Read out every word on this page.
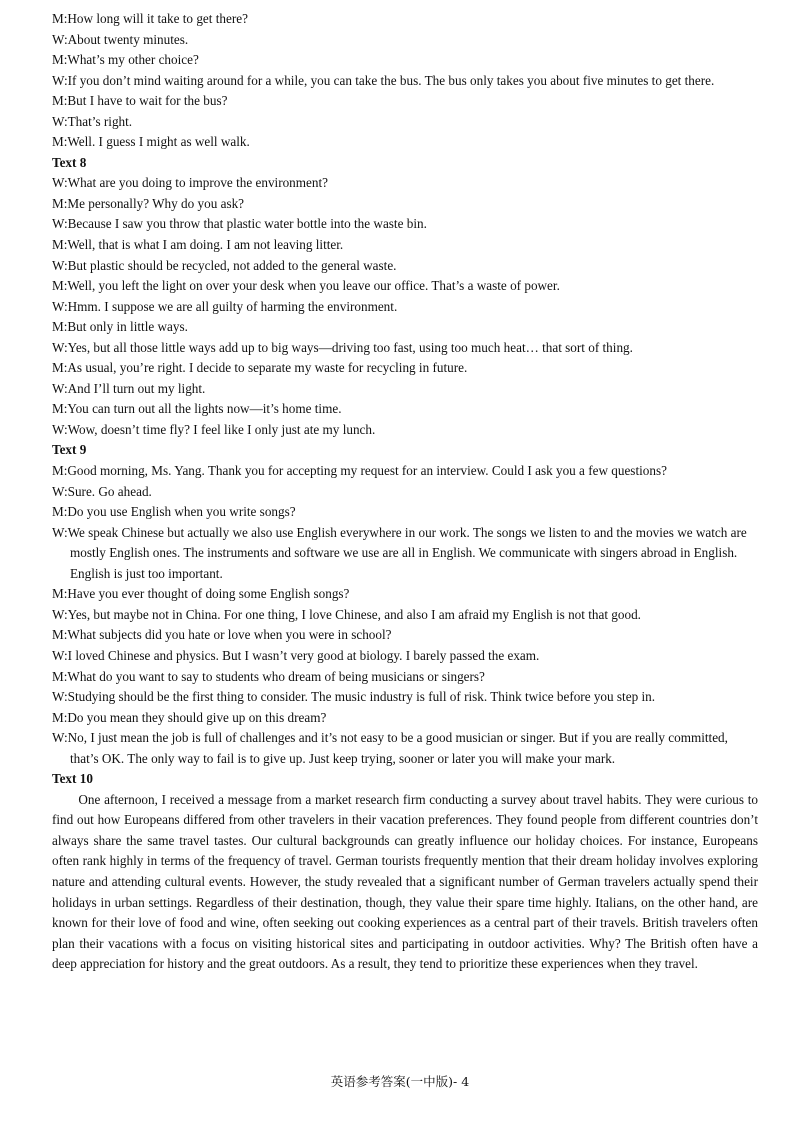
M:How long will it take to get there?

W:About twenty minutes.

M:What’s my other choice?

W:If you don’t mind waiting around for a while, you can take the bus. The bus only takes you about five minutes to get there.

M:But I have to wait for the bus?

W:That’s right.

M:Well. I guess I might as well walk.

Text 8

W:What are you doing to improve the environment?

M:Me personally? Why do you ask?

W:Because I saw you throw that plastic water bottle into the waste bin.

M:Well, that is what I am doing. I am not leaving litter.

W:But plastic should be recycled, not added to the general waste.

M:Well, you left the light on over your desk when you leave our office. That’s a waste of power.

W:Hmm. I suppose we are all guilty of harming the environment.

M:But only in little ways.

W:Yes, but all those little ways add up to big ways—driving too fast, using too much heat… that sort of thing.

M:As usual, you’re right. I decide to separate my waste for recycling in future.

W:And I’ll turn out my light.

M:You can turn out all the lights now—it’s home time.

W:Wow, doesn’t time fly? I feel like I only just ate my lunch.

Text 9

M:Good morning, Ms. Yang. Thank you for accepting my request for an interview. Could I ask you a few questions?

W:Sure. Go ahead.

M:Do you use English when you write songs?

W:We speak Chinese but actually we also use English everywhere in our work. The songs we listen to and the movies we watch are mostly English ones. The instruments and software we use are all in English. We communicate with singers abroad in English. English is just too important.

M:Have you ever thought of doing some English songs?

W:Yes, but maybe not in China. For one thing, I love Chinese, and also I am afraid my English is not that good.

M:What subjects did you hate or love when you were in school?

W:I loved Chinese and physics. But I wasn’t very good at biology. I barely passed the exam.

M:What do you want to say to students who dream of being musicians or singers?

W:Studying should be the first thing to consider. The music industry is full of risk. Think twice before you step in.

M:Do you mean they should give up on this dream?

W:No, I just mean the job is full of challenges and it’s not easy to be a good musician or singer. But if you are really committed, that’s OK. The only way to fail is to give up. Just keep trying, sooner or later you will make your mark.

Text 10

One afternoon, I received a message from a market research firm conducting a survey about travel habits. They were curious to find out how Europeans differed from other travelers in their vacation preferences. They found people from different countries don’t always share the same travel tastes. Our cultural backgrounds can greatly influence our holiday choices. For instance, Europeans often rank highly in terms of the frequency of travel. German tourists frequently mention that their dream holiday involves exploring nature and attending cultural events. However, the study revealed that a significant number of German travelers actually spend their holidays in urban settings. Regardless of their destination, though, they value their spare time highly. Italians, on the other hand, are known for their love of food and wine, often seeking out cooking experiences as a central part of their travels. British travelers often plan their vacations with a focus on visiting historical sites and participating in outdoor activities. Why? The British often have a deep appreciation for history and the great outdoors. As a result, they tend to prioritize these experiences when they travel.

英语参考答案(一中版)- 4
